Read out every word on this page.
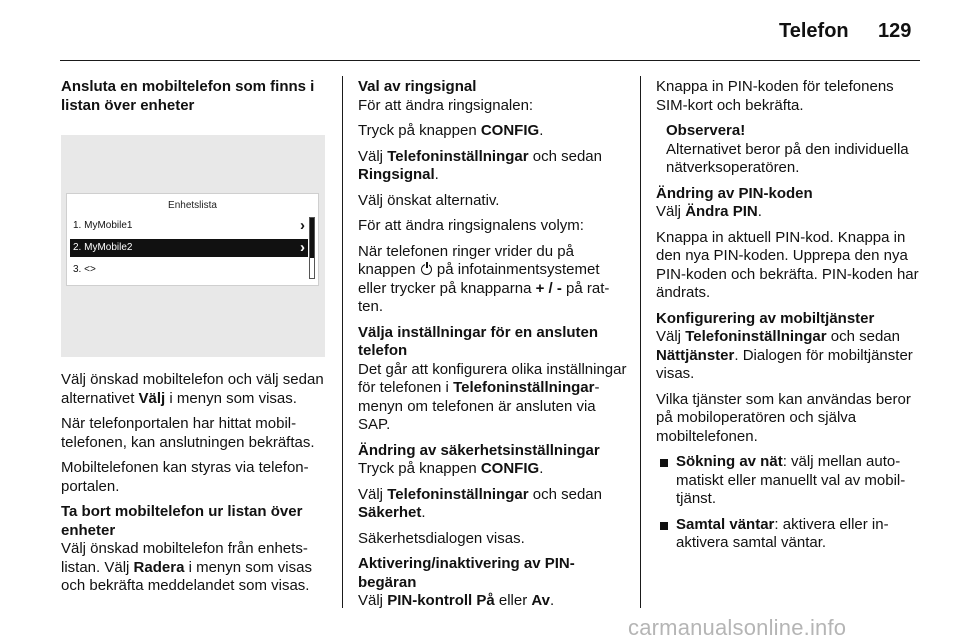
Telefon 129
Ansluta en mobiltelefon som finns i listan över enheter
Enhetslista
1. MyMobile1	›
2. MyMobile2	›
3. <>

Välj önskad mobiltelefon och välj sedan alternativet Välj i menyn som visas.

När telefonportalen har hittat mobiltelefonen, kan anslutningen bekräftas.

Mobiltelefonen kan styras via telefonportalen.

Ta bort mobiltelefon ur listan över enheter

Välj önskad mobiltelefon från enhetslistan. Välj Radera i menyn som visas och bekräfta meddelandet som visas.

Val av ringsignal

För att ändra ringsignalen:

Tryck på knappen CONFIG.

Välj Telefoninställningar och sedan Ringsignal.

Välj önskat alternativ.

För att ändra ringsignalens volym:

När telefonen ringer vrider du på knappen  på infotainmentsystemet eller trycker på knapparna + / - på ratten.

Välja inställningar för en ansluten telefon

Det går att konfigurera olika inställningar för telefonen i Telefoninställningar-menyn om telefonen är ansluten via SAP.

Ändring av säkerhetsinställningar

Tryck på knappen CONFIG.

Välj Telefoninställningar och sedan Säkerhet.

Säkerhetsdialogen visas.

Aktivering/inaktivering av PIN-begäran

Välj PIN-kontroll På eller Av.

Knappa in PIN-koden för telefonens SIM-kort och bekräfta.

Observera!
Alternativet beror på den individuella nätverksoperatören.
Ändring av PIN-koden

Välj Ändra PIN.

Knappa in aktuell PIN-kod. Knappa in den nya PIN-koden. Upprepa den nya PIN-koden och bekräfta. PIN-koden har ändrats.

Konfigurering av mobiltjänster

Välj Telefoninställningar och sedan Nättjänster. Dialogen för mobiltjänster visas.

Vilka tjänster som kan användas beror på mobiloperatören och själva mobiltelefonen.

Sökning av nät: välj mellan automatiskt eller manuellt val av mobiltjänst.
Samtal väntar: aktivera eller inaktivera samtal väntar.
carmanualsonline.info
